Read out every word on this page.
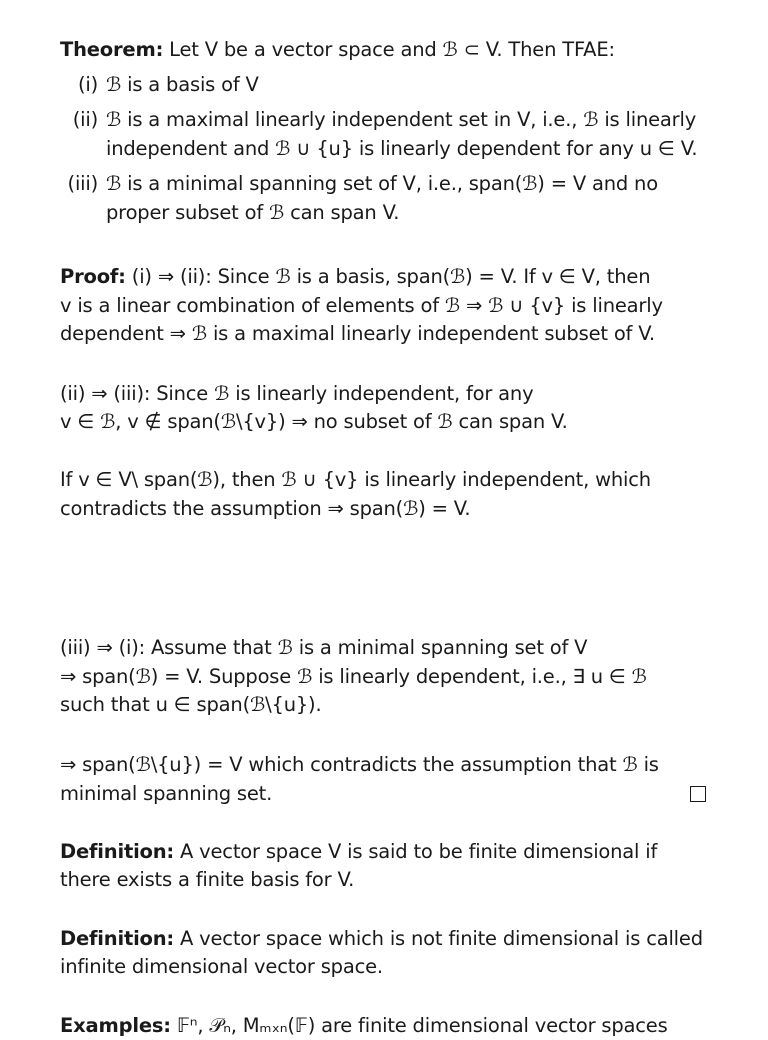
Theorem: Let V be a vector space and ℬ ⊂ V. Then TFAE:
(i) ℬ is a basis of V
(ii) ℬ is a maximal linearly independent set in V, i.e., ℬ is linearly
independent and ℬ ∪ {u} is linearly dependent for any u ∈ V.
(iii) ℬ is a minimal spanning set of V, i.e., span(ℬ) = V and no
proper subset of ℬ can span V.
Proof: (i) ⇒ (ii): Since ℬ is a basis, span(ℬ) = V. If v ∈ V, then
v is a linear combination of elements of ℬ ⇒ ℬ ∪ {v} is linearly
dependent ⇒ ℬ is a maximal linearly independent subset of V.
(ii) ⇒ (iii): Since ℬ is linearly independent, for any
v ∈ ℬ, v ∉ span(ℬ\{v}) ⇒ no subset of ℬ can span V.
If v ∈ V\ span(ℬ), then ℬ ∪ {v} is linearly independent, which
contradicts the assumption ⇒ span(ℬ) = V.
(iii) ⇒ (i): Assume that ℬ is a minimal spanning set of V
⇒ span(ℬ) = V. Suppose ℬ is linearly dependent, i.e., ∃ u ∈ ℬ
such that u ∈ span(ℬ\{u}).
⇒ span(ℬ\{u}) = V which contradicts the assumption that ℬ is
minimal spanning set.
Definition: A vector space V is said to be finite dimensional if
there exists a finite basis for V.
Definition: A vector space which is not finite dimensional is called
infinite dimensional vector space.
Examples: 𝔽ⁿ, 𝒫ₙ, Mₘₓₙ(𝔽) are finite dimensional vector spaces
